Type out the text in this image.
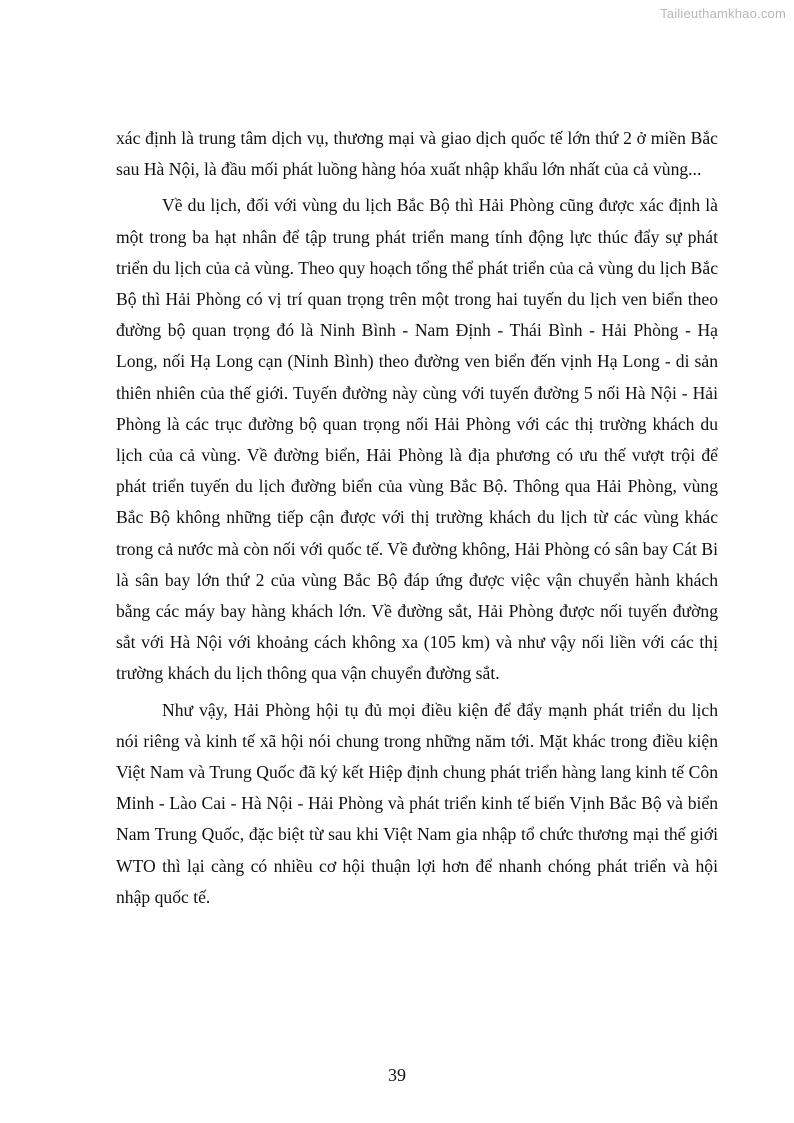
Tailieuthamkhao.com

xác định là trung tâm dịch vụ, thương mại và giao dịch quốc tế lớn thứ 2 ở miền Bắc sau Hà Nội, là đầu mối phát luồng hàng hóa xuất nhập khẩu lớn nhất của cả vùng...

Về du lịch, đối với vùng du lịch Bắc Bộ thì Hải Phòng cũng được xác định là một trong ba hạt nhân để tập trung phát triển mang tính động lực thúc đẩy sự phát triển du lịch của cả vùng. Theo quy hoạch tổng thể phát triển của cả vùng du lịch Bắc Bộ thì Hải Phòng có vị trí quan trọng trên một trong hai tuyến du lịch ven biển theo đường bộ quan trọng đó là Ninh Bình - Nam Định - Thái Bình - Hải Phòng - Hạ Long, nối Hạ Long cạn (Ninh Bình) theo đường ven biển đến vịnh Hạ Long - di sản thiên nhiên của thế giới. Tuyến đường này cùng với tuyến đường 5 nối Hà Nội - Hải Phòng là các trục đường bộ quan trọng nối Hải Phòng với các thị trường khách du lịch của cả vùng. Về đường biển, Hải Phòng là địa phương có ưu thế vượt trội để phát triển tuyến du lịch đường biển của vùng Bắc Bộ. Thông qua Hải Phòng, vùng Bắc Bộ không những tiếp cận được với thị trường khách du lịch từ các vùng khác trong cả nước mà còn nối với quốc tế. Về đường không, Hải Phòng có sân bay Cát Bi là sân bay lớn thứ 2 của vùng Bắc Bộ đáp ứng được việc vận chuyển hành khách bằng các máy bay hàng khách lớn. Về đường sắt, Hải Phòng được nối tuyến đường sắt với Hà Nội với khoảng cách không xa (105 km) và như vậy nối liền với các thị trường khách du lịch thông qua vận chuyển đường sắt.

Như vậy, Hải Phòng hội tụ đủ mọi điều kiện để đẩy mạnh phát triển du lịch nói riêng và kinh tế xã hội nói chung trong những năm tới. Mặt khác trong điều kiện Việt Nam và Trung Quốc đã ký kết Hiệp định chung phát triển hàng lang kinh tế Côn Minh - Lào Cai - Hà Nội - Hải Phòng và phát triển kinh tế biển Vịnh Bắc Bộ và biển Nam Trung Quốc, đặc biệt từ sau khi Việt Nam gia nhập tổ chức thương mại thế giới WTO thì lại càng có nhiều cơ hội thuận lợi hơn để nhanh chóng phát triển và hội nhập quốc tế.

39
